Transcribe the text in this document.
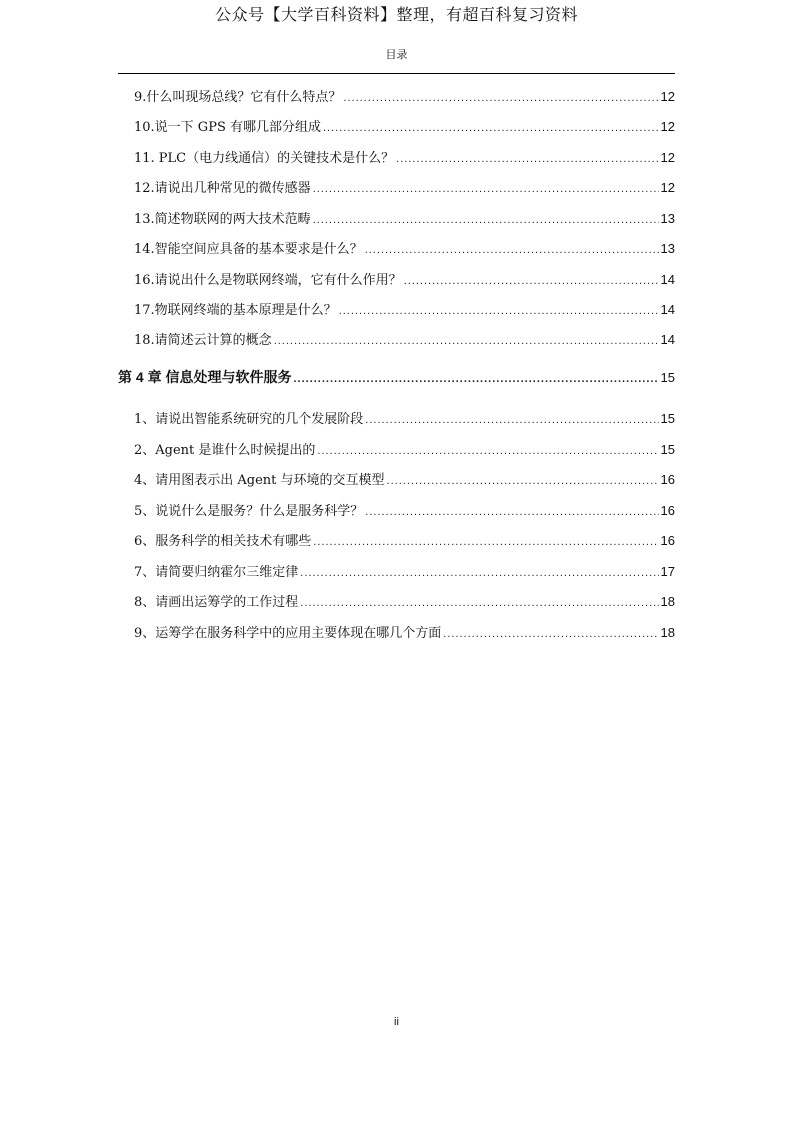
公众号【大学百科资料】整理，有超百科复习资料
目录
9.什么叫现场总线？它有什么特点？ .....	12
10.说一下 GPS 有哪几部分组成 .....	12
11. PLC（电力线通信）的关键技术是什么？ .....	12
12.请说出几种常见的微传感器 .....	12
13.简述物联网的两大技术范畴 .....	13
14.智能空间应具备的基本要求是什么？ .....	13
16.请说出什么是物联网终端，它有什么作用？ .....	14
17.物联网终端的基本原理是什么？ .....	14
18.请简述云计算的概念 .....	14
第 4 章 信息处理与软件服务 .....	15
1、请说出智能系统研究的几个发展阶段 .....	15
2、Agent 是谁什么时候提出的 .....	15
4、请用图表示出 Agent 与环境的交互模型 .....	16
5、说说什么是服务？什么是服务科学？ .....	16
6、服务科学的相关技术有哪些 .....	16
7、请简要归纳霍尔三维定律 .....	17
8、请画出运筹学的工作过程 .....	18
9、运筹学在服务科学中的应用主要体现在哪几个方面 .....	18
ii
